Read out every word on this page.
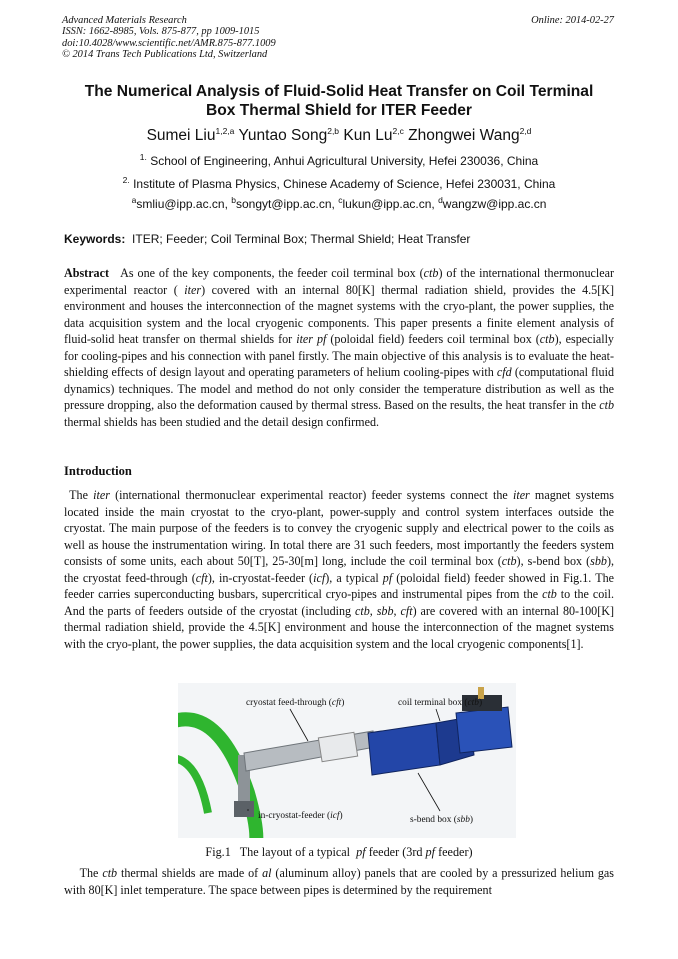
Advanced Materials Research
ISSN: 1662-8985, Vols. 875-877, pp 1009-1015
doi:10.4028/www.scientific.net/AMR.875-877.1009
© 2014 Trans Tech Publications Ltd, Switzerland
Online: 2014-02-27
The Numerical Analysis of Fluid-Solid Heat Transfer on Coil Terminal
Box Thermal Shield for ITER Feeder
Sumei Liu$^{1,2,a}$ Yuntao Song$^{2,b}$ Kun Lu$^{2,c}$ Zhongwei Wang$^{2,d}$
$^{1.}$ School of Engineering, Anhui Agricultural University, Hefei 230036, China
$^{2.}$ Institute of Plasma Physics, Chinese Academy of Science, Hefei 230031, China
$^a$smliu@ipp.ac.cn, $^b$songyt@ipp.ac.cn, $^c$lukun@ipp.ac.cn, $^d$wangzw@ipp.ac.cn
Keywords: ITER; Feeder; Coil Terminal Box; Thermal Shield; Heat Transfer

Abstract As one of the key components, the feeder coil terminal box (ctb) of the international thermonuclear experimental reactor ( iter) covered with an internal 80[K] thermal radiation shield, provides the 4.5[K] environment and houses the interconnection of the magnet systems with the cryo-plant, the power supplies, the data acquisition system and the local cryogenic components. This paper presents a finite element analysis of fluid-solid heat transfer on thermal shields for iter pf (poloidal field) feeders coil terminal box (ctb), especially for cooling-pipes and his connection with panel firstly. The main objective of this analysis is to evaluate the heat-shielding effects of design layout and operating parameters of helium cooling-pipes with cfd (computational fluid dynamics) techniques. The model and method do not only consider the temperature distribution as well as the pressure dropping, also the deformation caused by thermal stress. Based on the results, the heat transfer in the ctb thermal shields has been studied and the detail design confirmed.

Introduction

The iter (international thermonuclear experimental reactor) feeder systems connect the iter magnet systems located inside the main cryostat to the cryo-plant, power-supply and control system interfaces outside the cryostat. The main purpose of the feeders is to convey the cryogenic supply and electrical power to the coils as well as house the instrumentation wiring. In total there are 31 such feeders, most importantly the feeders system consists of some units, each about 50[T], 25-30[m] long, include the coil terminal box (ctb), s-bend box (sbb), the cryostat feed-through (cft), in-cryostat-feeder (icf), a typical pf (poloidal field) feeder showed in Fig.1. The feeder carries superconducting busbars, supercritical cryo-pipes and instrumental pipes from the ctb to the coil. And the parts of feeders outside of the cryostat (including ctb, sbb, cft) are covered with an internal 80-100[K] thermal radiation shield, provide the 4.5[K] environment and house the interconnection of the magnet systems with the cryo-plant, the power supplies, the data acquisition system and the local cryogenic components[1].

cryostat feed-through (cft)	coil terminal box (ctb)
in-cryostat-feeder (icf)	s-bend box (sbb)
Fig.1   The layout of a typical  pf feeder (3rd pf feeder)

The ctb thermal shields are made of al (aluminum alloy) panels that are cooled by a pressurized helium gas with 80[K] inlet temperature. The space between pipes is determined by the requirement
